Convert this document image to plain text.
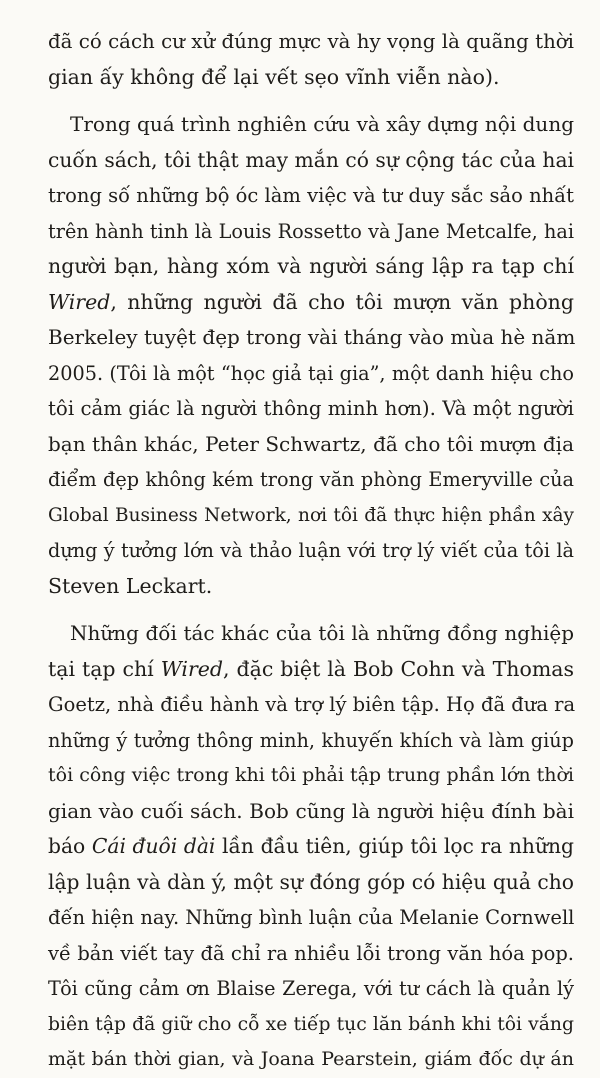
đã có cách cư xử đúng mực và hy vọng là quãng thời
gian ấy không để lại vết sẹo vĩnh viễn nào).
Trong quá trình nghiên cứu và xây dựng nội dung
cuốn sách, tôi thật may mắn có sự cộng tác của hai
trong số những bộ óc làm việc và tư duy sắc sảo nhất
trên hành tinh là Louis Rossetto và Jane Metcalfe, hai
người bạn, hàng xóm và người sáng lập ra tạp chí
Wired, những người đã cho tôi mượn văn phòng
Berkeley tuyệt đẹp trong vài tháng vào mùa hè năm
2005. (Tôi là một “học giả tại gia”, một danh hiệu cho
tôi cảm giác là người thông minh hơn). Và một người
bạn thân khác, Peter Schwartz, đã cho tôi mượn địa
điểm đẹp không kém trong văn phòng Emeryville của
Global Business Network, nơi tôi đã thực hiện phần xây
dựng ý tưởng lớn và thảo luận với trợ lý viết của tôi là
Steven Leckart.
Những đối tác khác của tôi là những đồng nghiệp
tại tạp chí Wired, đặc biệt là Bob Cohn và Thomas
Goetz, nhà điều hành và trợ lý biên tập. Họ đã đưa ra
những ý tưởng thông minh, khuyến khích và làm giúp
tôi công việc trong khi tôi phải tập trung phần lớn thời
gian vào cuối sách. Bob cũng là người hiệu đính bài
báo Cái đuôi dài lần đầu tiên, giúp tôi lọc ra những
lập luận và dàn ý, một sự đóng góp có hiệu quả cho
đến hiện nay. Những bình luận của Melanie Cornwell
về bản viết tay đã chỉ ra nhiều lỗi trong văn hóa pop.
Tôi cũng cảm ơn Blaise Zerega, với tư cách là quản lý
biên tập đã giữ cho cỗ xe tiếp tục lăn bánh khi tôi vắng
mặt bán thời gian, và Joana Pearstein, giám đốc dự án
